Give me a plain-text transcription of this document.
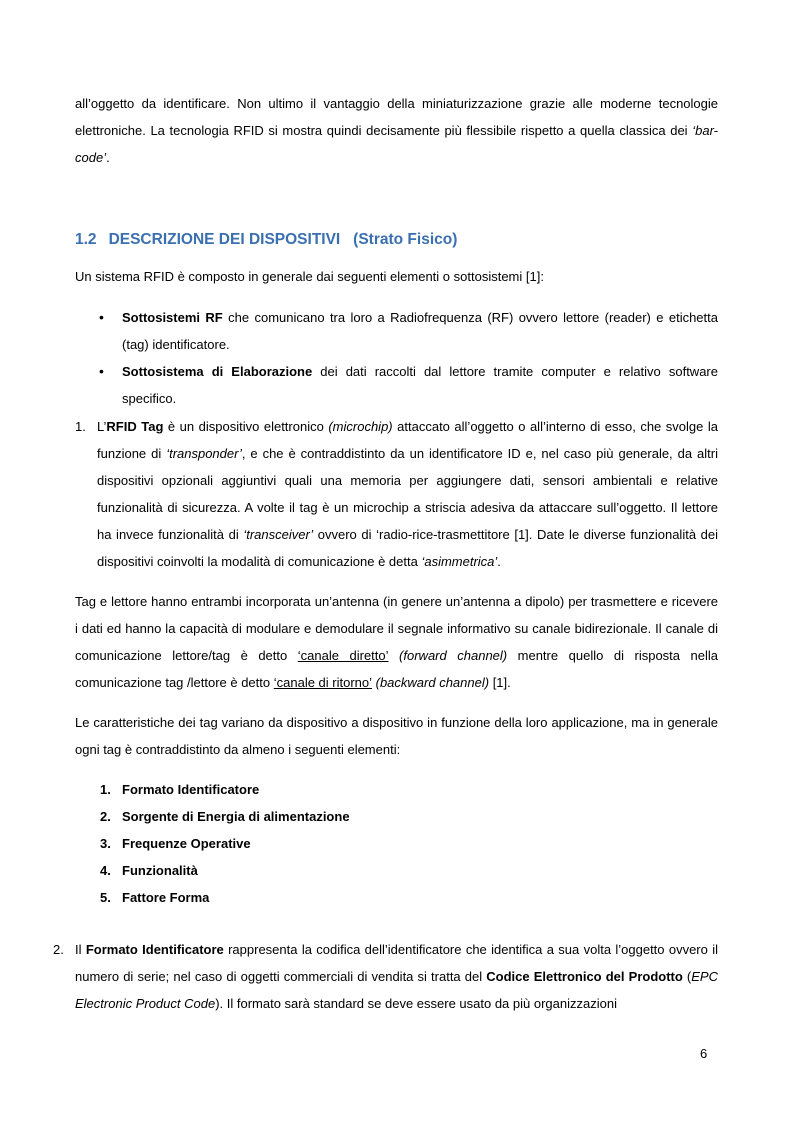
all’oggetto da identificare. Non ultimo il vantaggio della miniaturizzazione grazie alle moderne tecnologie elettroniche. La tecnologia RFID si mostra quindi decisamente più flessibile rispetto a quella classica dei ‘bar-code’.

1.2 DESCRIZIONE DEI DISPOSITIVI (Strato Fisico)

Un sistema RFID è composto in generale dai seguenti elementi o sottosistemi [1]:

• Sottosistemi RF che comunicano tra loro a Radiofrequenza (RF) ovvero lettore (reader) e etichetta (tag) identificatore.
• Sottosistema di Elaborazione dei dati raccolti dal lettore tramite computer e relativo software specifico.
1. L’RFID Tag è un dispositivo elettronico (microchip) attaccato all’oggetto o all’interno di esso, che svolge la funzione di ‘transponder’, e che è contraddistinto da un identificatore ID e, nel caso più generale, da altri dispositivi opzionali aggiuntivi quali una memoria per aggiungere dati, sensori ambientali e relative funzionalità di sicurezza. A volte il tag è un microchip a striscia adesiva da attaccare sull’oggetto. Il lettore ha invece funzionalità di ‘transceiver’ ovvero di ‘radio-rice-trasmettitore [1]. Date le diverse funzionalità dei dispositivi coinvolti la modalità di comunicazione è detta ‘asimmetrica’.

Tag e lettore hanno entrambi incorporata un’antenna (in genere un’antenna a dipolo) per trasmettere e ricevere i dati ed hanno la capacità di modulare e demodulare il segnale informativo su canale bidirezionale. Il canale di comunicazione lettore/tag è detto ‘canale diretto’ (forward channel) mentre quello di risposta nella comunicazione tag /lettore è detto ‘canale di ritorno’ (backward channel) [1].

Le caratteristiche dei tag variano da dispositivo a dispositivo in funzione della loro applicazione, ma in generale ogni tag è contraddistinto da almeno i seguenti elementi:

1. Formato Identificatore
2. Sorgente di Energia di alimentazione
3. Frequenze Operative
4. Funzionalità
5. Fattore Forma
2. Il Formato Identificatore rappresenta la codifica dell’identificatore che identifica a sua volta l’oggetto ovvero il numero di serie; nel caso di oggetti commerciali di vendita si tratta del Codice Elettronico del Prodotto (EPC Electronic Product Code). Il formato sarà standard se deve essere usato da più organizzazioni
6
